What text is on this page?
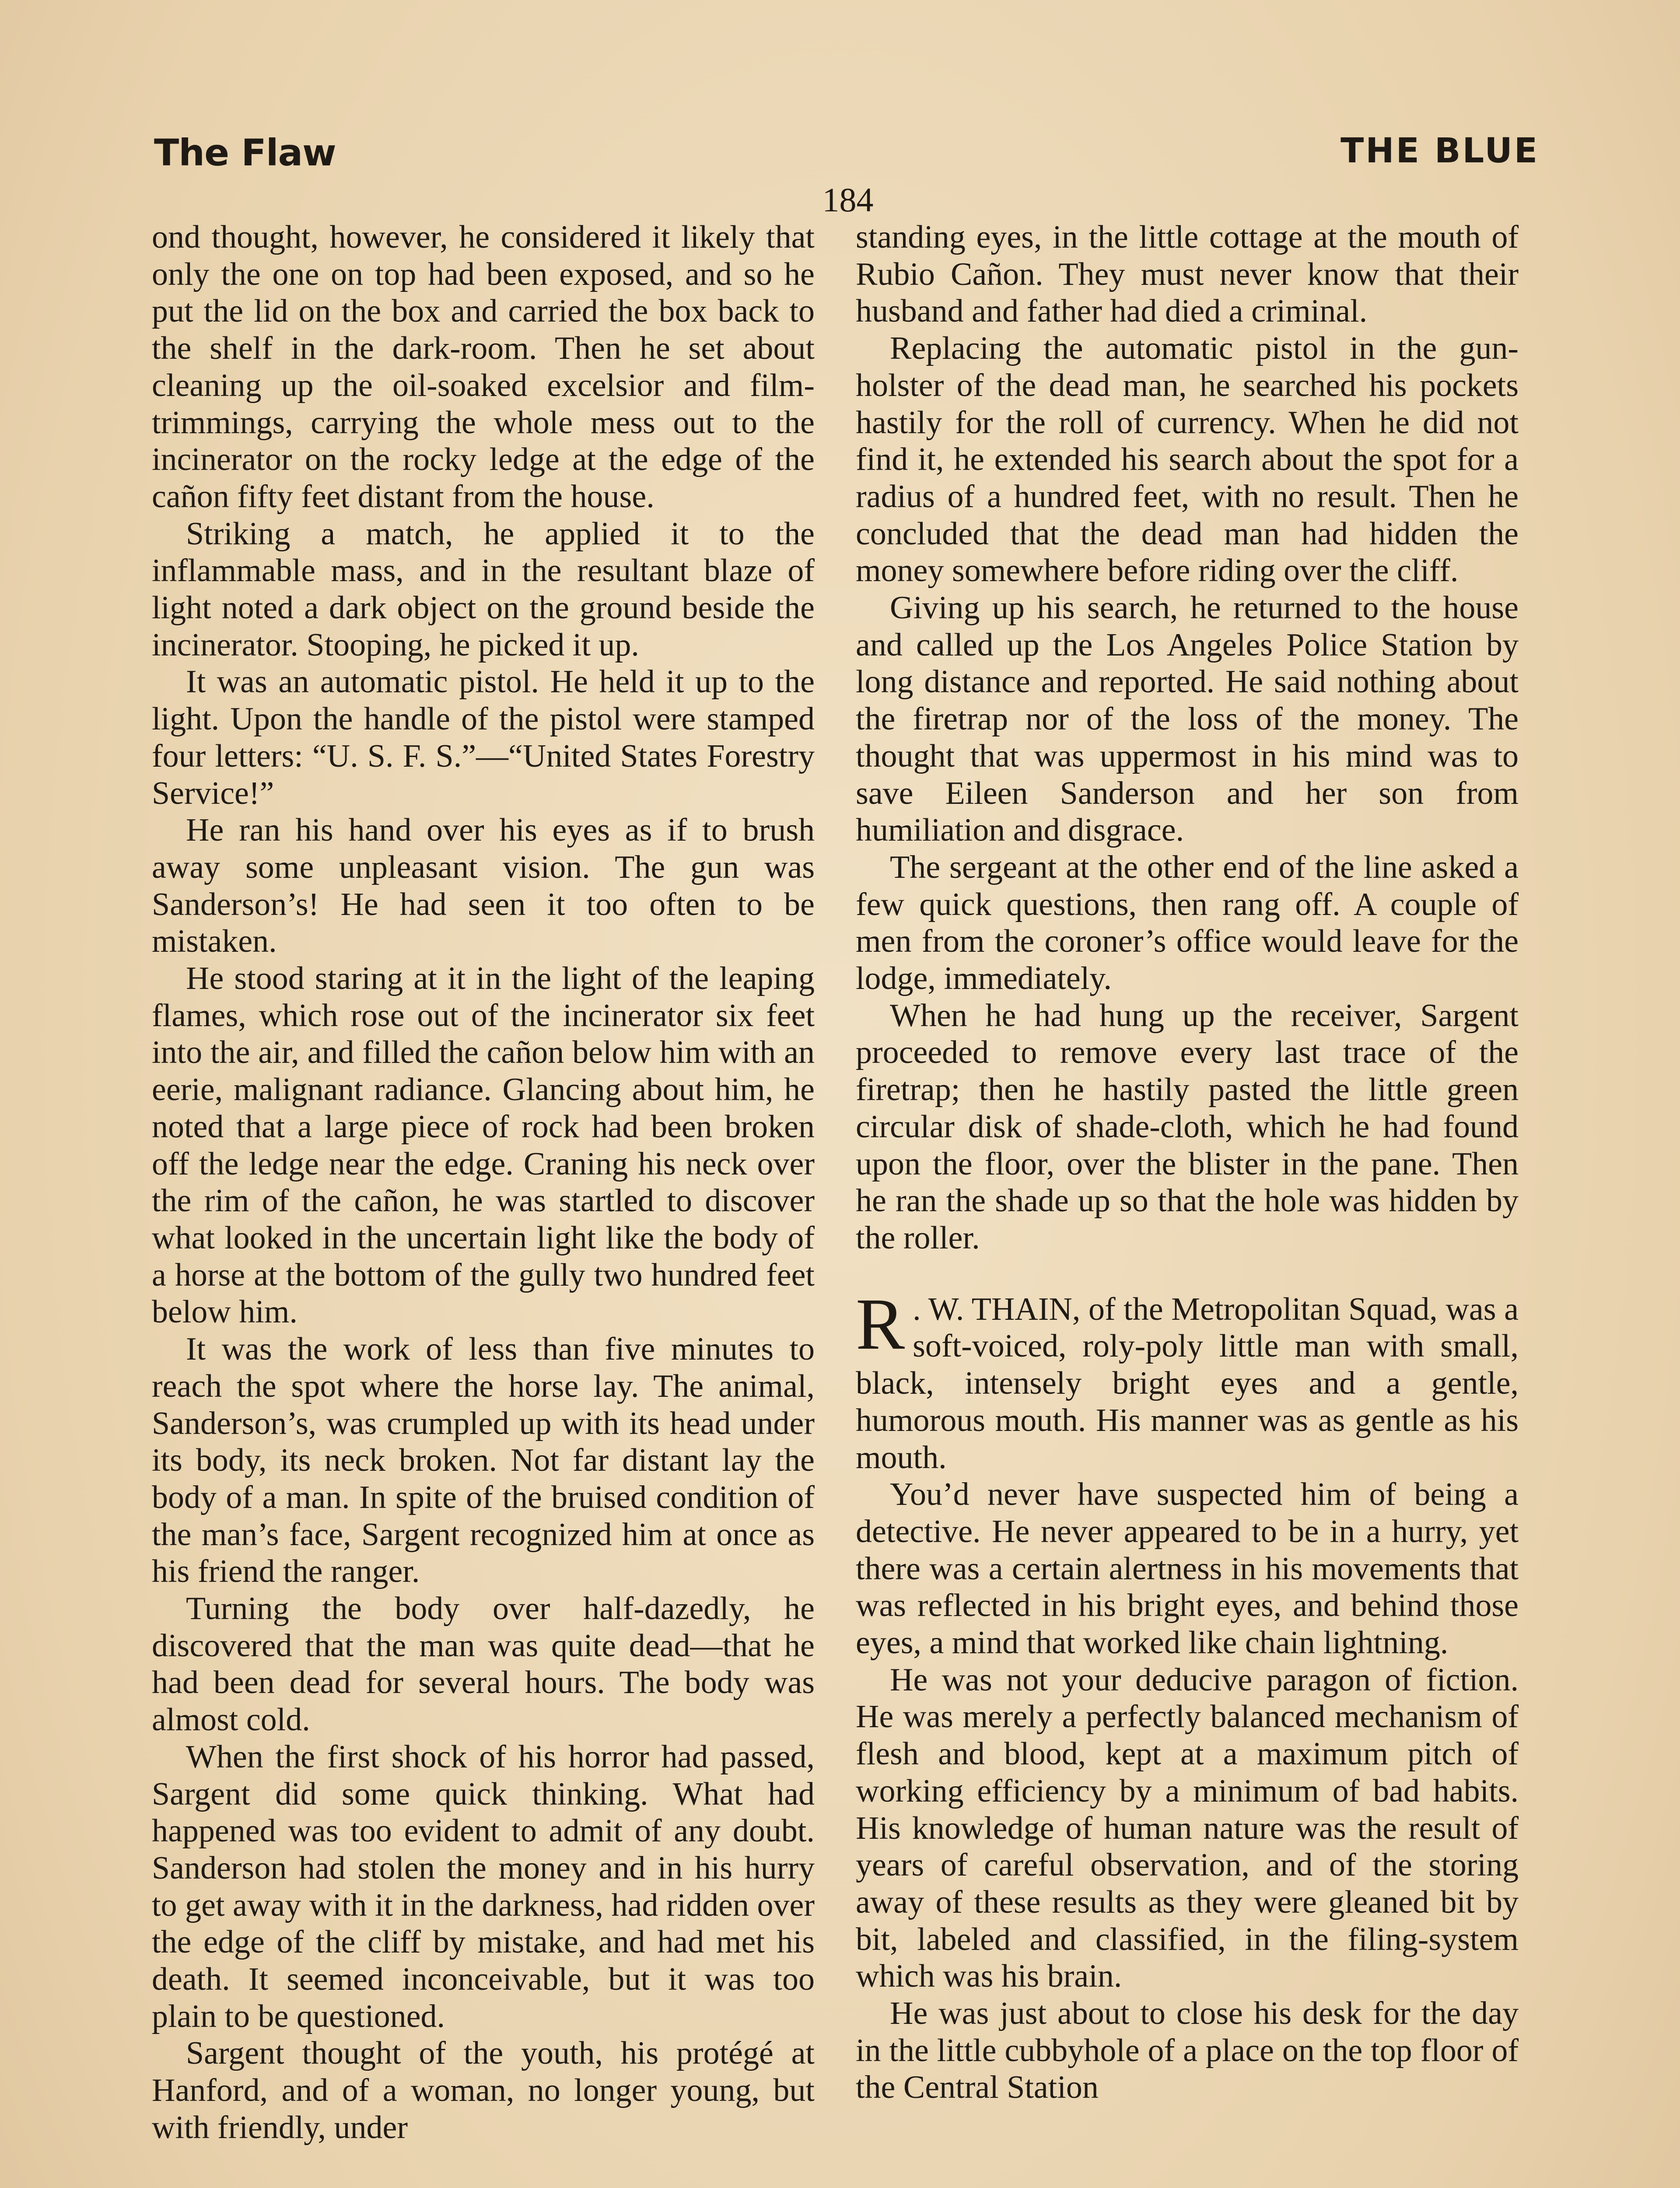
The Flaw	THE BLUE
184

ond thought, however, he considered it likely that only the one on top had been exposed, and so he put the lid on the box and carried the box back to the shelf in the dark-room. Then he set about cleaning up the oil-soaked excelsior and filmtrimmings, carrying the whole mess out to the incinerator on the rocky ledge at the edge of the cañon fifty feet distant from the house.

Striking a match, he applied it to the inflammable mass, and in the resultant blaze of light noted a dark object on the ground beside the incinerator. Stooping, he picked it up.

It was an automatic pistol. He held it up to the light. Upon the handle of the pistol were stamped four letters: “U. S. F. S.”—“United States Forestry Service!”

He ran his hand over his eyes as if to brush away some unpleasant vision. The gun was Sanderson’s! He had seen it too often to be mistaken.

He stood staring at it in the light of the leaping flames, which rose out of the incinerator six feet into the air, and filled the cañon below him with an eerie, malignant radiance. Glancing about him, he noted that a large piece of rock had been broken off the ledge near the edge. Craning his neck over the rim of the cañon, he was startled to discover what looked in the uncertain light like the body of a horse at the bottom of the gully two hundred feet below him.

It was the work of less than five minutes to reach the spot where the horse lay. The animal, Sanderson’s, was crumpled up with its head under its body, its neck broken. Not far distant lay the body of a man. In spite of the bruised condition of the man’s face, Sargent recognized him at once as his friend the ranger.

Turning the body over half-dazedly, he discovered that the man was quite dead—that he had been dead for several hours. The body was almost cold.

When the first shock of his horror had passed, Sargent did some quick thinking. What had happened was too evident to admit of any doubt. Sanderson had stolen the money and in his hurry to get away with it in the darkness, had ridden over the edge of the cliff by mistake, and had met his death. It seemed inconceivable, but it was too plain to be questioned.

Sargent thought of the youth, his protégé at Hanford, and of a woman, no longer young, but with friendly, under

standing eyes, in the little cottage at the mouth of Rubio Cañon. They must never know that their husband and father had died a criminal.

Replacing the automatic pistol in the gun-holster of the dead man, he searched his pockets hastily for the roll of currency. When he did not find it, he extended his search about the spot for a radius of a hundred feet, with no result. Then he concluded that the dead man had hidden the money somewhere before riding over the cliff.

Giving up his search, he returned to the house and called up the Los Angeles Police Station by long distance and reported. He said nothing about the firetrap nor of the loss of the money. The thought that was uppermost in his mind was to save Eileen Sanderson and her son from humiliation and disgrace.

The sergeant at the other end of the line asked a few quick questions, then rang off. A couple of men from the coroner’s office would leave for the lodge, immediately.

When he had hung up the receiver, Sargent proceeded to remove every last trace of the firetrap; then he hastily pasted the little green circular disk of shade-cloth, which he had found upon the floor, over the blister in the pane. Then he ran the shade up so that the hole was hidden by the roller.

R . W. THAIN, of the Metropolitan Squad, was a soft-voiced, roly-poly little man with small, black, intensely bright eyes and a gentle, humorous mouth. His manner was as gentle as his mouth.

You’d never have suspected him of being a detective. He never appeared to be in a hurry, yet there was a certain alertness in his movements that was reflected in his bright eyes, and behind those eyes, a mind that worked like chain lightning.

He was not your deducive paragon of fiction. He was merely a perfectly balanced mechanism of flesh and blood, kept at a maximum pitch of working efficiency by a minimum of bad habits. His knowledge of human nature was the result of years of careful observation, and of the storing away of these results as they were gleaned bit by bit, labeled and classified, in the filing-system which was his brain.

He was just about to close his desk for the day in the little cubbyhole of a place on the top floor of the Central Station
